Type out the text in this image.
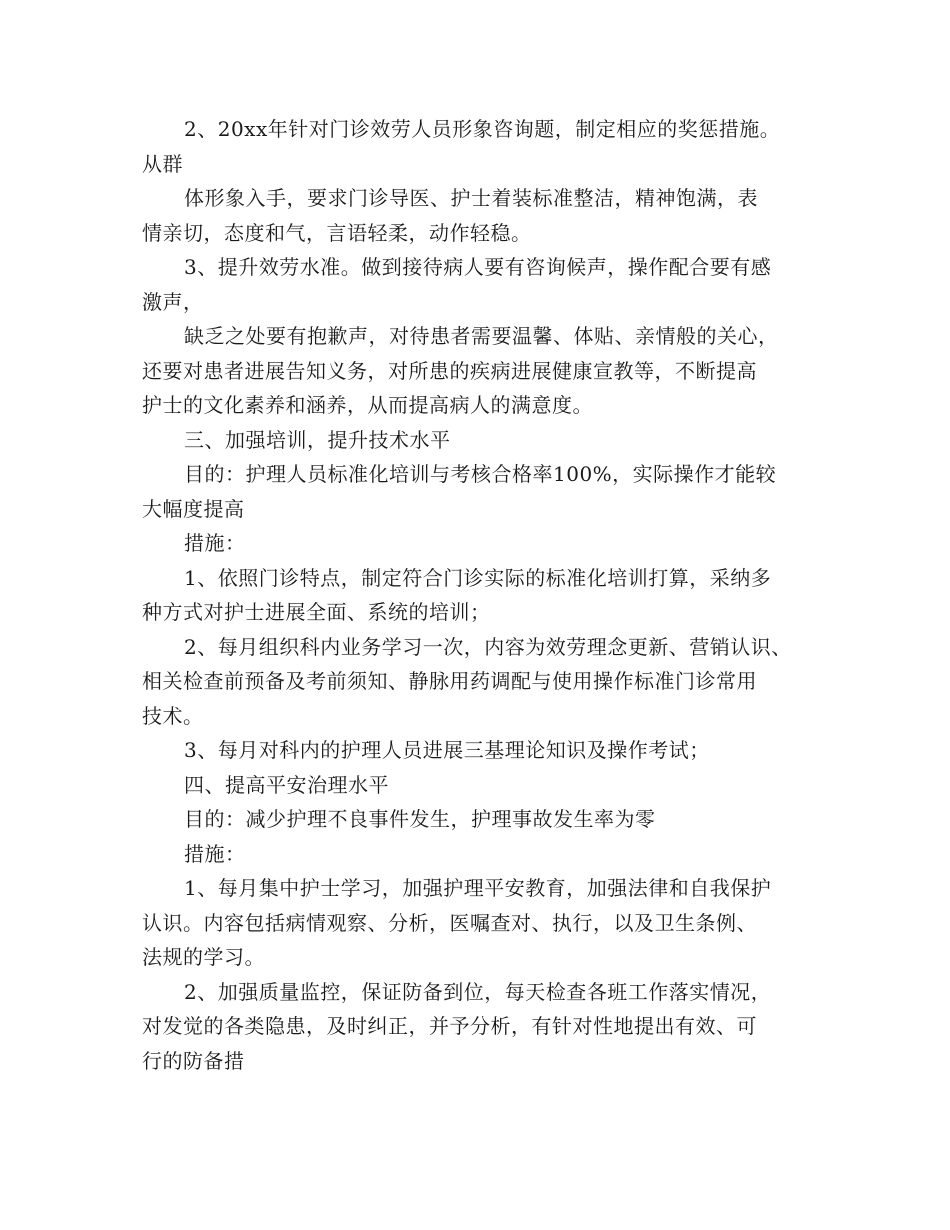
2、20xx年针对门诊效劳人员形象咨询题，制定相应的奖惩措施。

从群

体形象入手，要求门诊导医、护士着装标准整洁，精神饱满，表

情亲切，态度和气，言语轻柔，动作轻稳。

3、提升效劳水准。做到接待病人要有咨询候声，操作配合要有感

激声，

缺乏之处要有抱歉声，对待患者需要温馨、体贴、亲情般的关心，

还要对患者进展告知义务，对所患的疾病进展健康宣教等，不断提高

护士的文化素养和涵养，从而提高病人的满意度。

三、加强培训，提升技术水平

目的：护理人员标准化培训与考核合格率100%，实际操作才能较

大幅度提高

措施：

1、依照门诊特点，制定符合门诊实际的标准化培训打算，采纳多

种方式对护士进展全面、系统的培训；

2、每月组织科内业务学习一次，内容为效劳理念更新、营销认识、

相关检查前预备及考前须知、静脉用药调配与使用操作标准门诊常用

技术。

3、每月对科内的护理人员进展三基理论知识及操作考试；

四、提高平安治理水平

目的：减少护理不良事件发生，护理事故发生率为零

措施：

1、每月集中护士学习，加强护理平安教育，加强法律和自我保护

认识。内容包括病情观察、分析，医嘱查对、执行，以及卫生条例、

法规的学习。

2、加强质量监控，保证防备到位，每天检查各班工作落实情况，

对发觉的各类隐患，及时纠正，并予分析，有针对性地提出有效、可

行的防备措
